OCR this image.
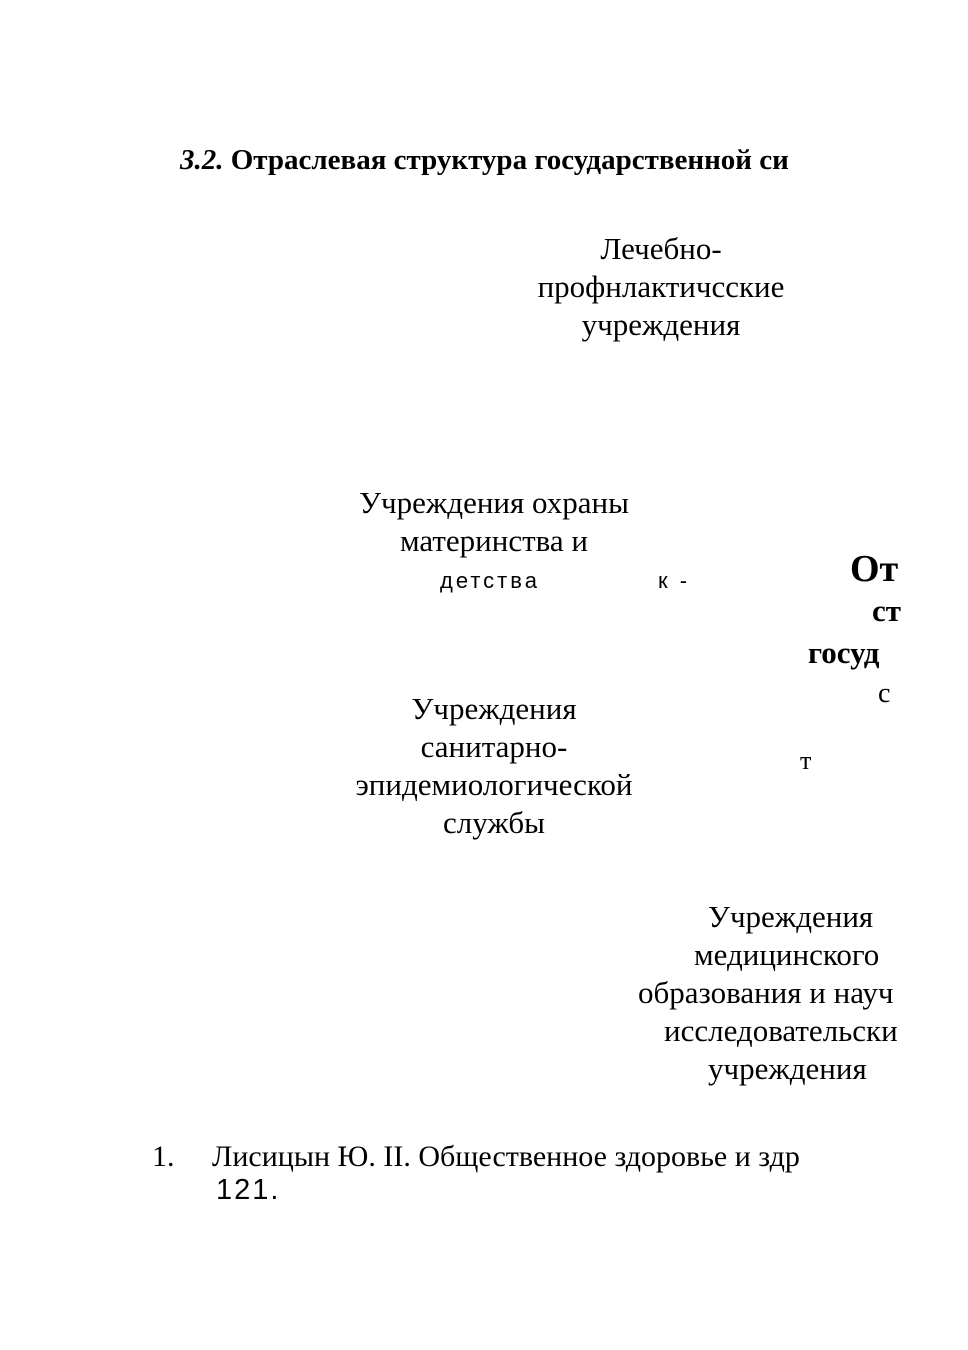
3.2. Отраслевая структура государственной си
Лечебно-
профнлактичсские
учреждения
Учреждения охраны
материнства и
детства	к -	От
ст
госуд
с
Учреждения
санитарно-
эпидемиологической
службы
т
Учреждения
медицинского
образования и науч
исследовательски
учреждения
1. Лисицын Ю. II. Общественное здоровье и здр
121.
